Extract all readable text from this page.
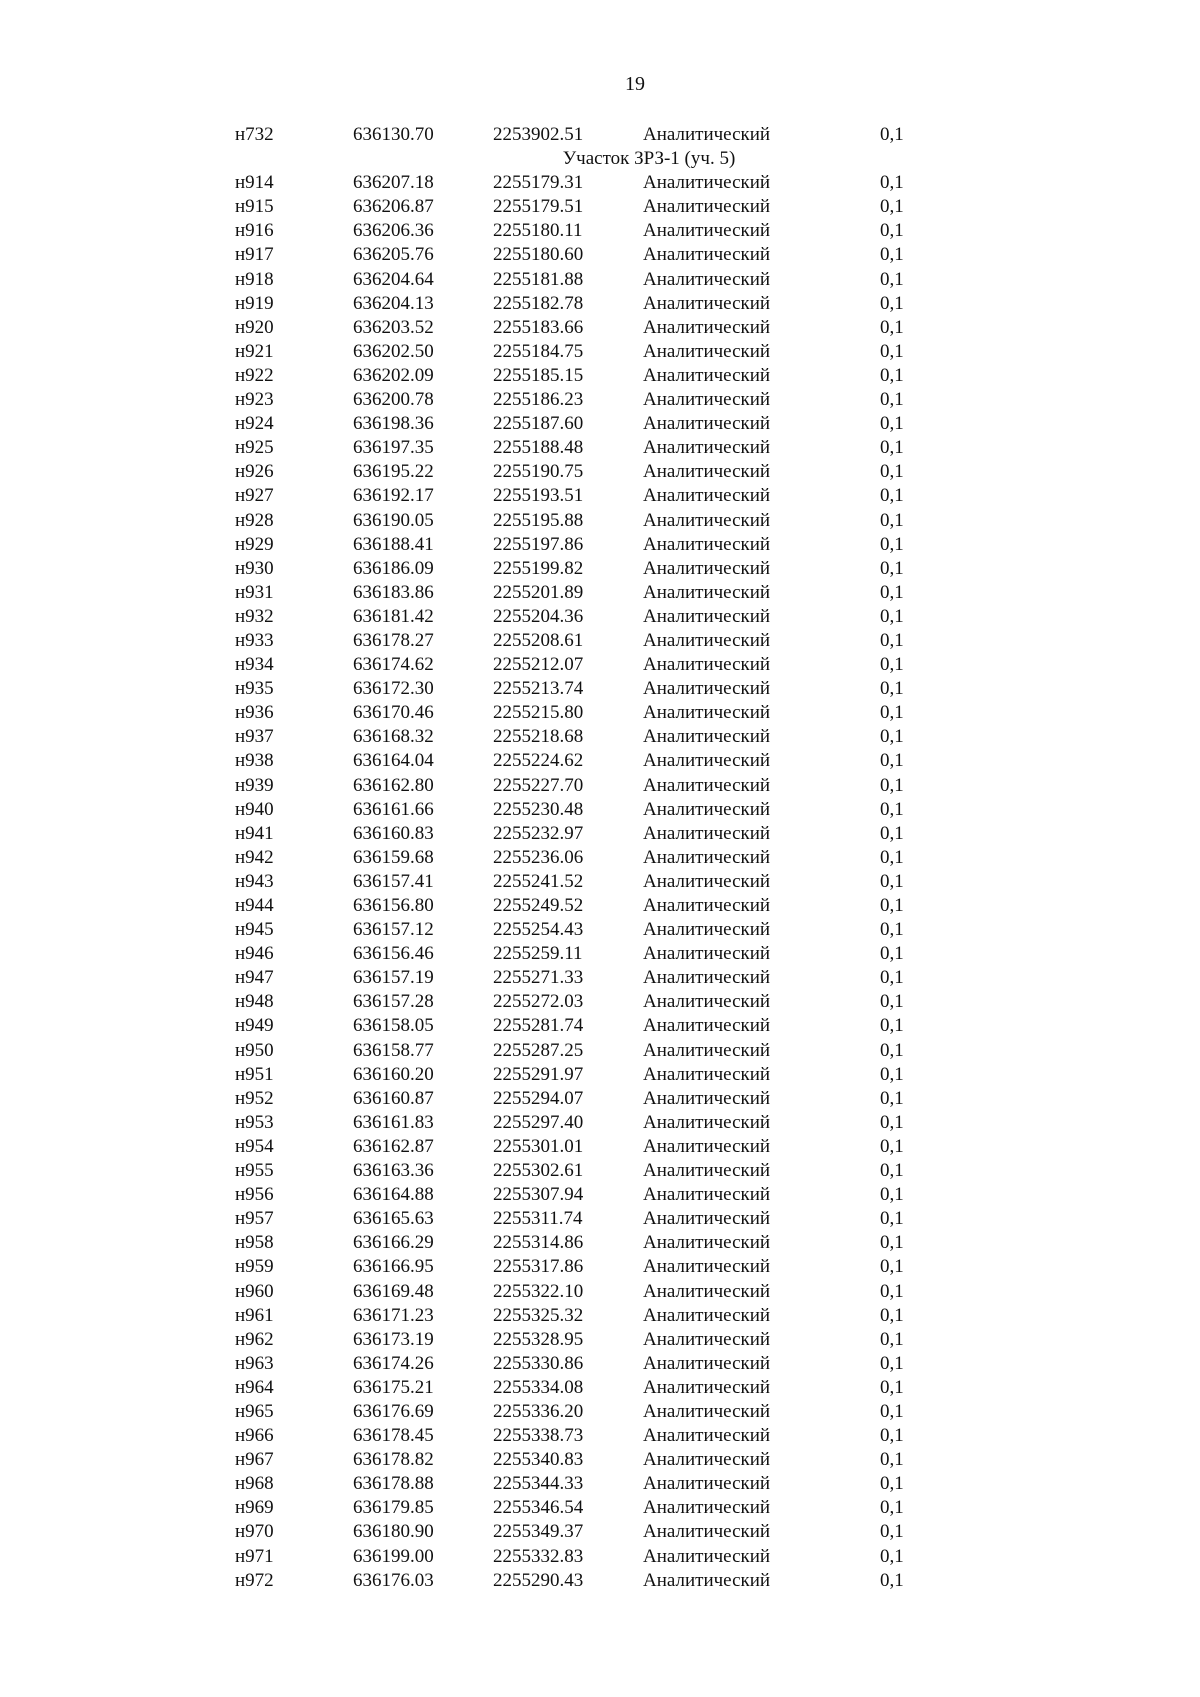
19
н732	636130.70	2253902.51	Аналитический	0,1
Участок ЗРЗ-1 (уч. 5)
н914	636207.18	2255179.31	Аналитический	0,1
н915	636206.87	2255179.51	Аналитический	0,1
н916	636206.36	2255180.11	Аналитический	0,1
н917	636205.76	2255180.60	Аналитический	0,1
н918	636204.64	2255181.88	Аналитический	0,1
н919	636204.13	2255182.78	Аналитический	0,1
н920	636203.52	2255183.66	Аналитический	0,1
н921	636202.50	2255184.75	Аналитический	0,1
н922	636202.09	2255185.15	Аналитический	0,1
н923	636200.78	2255186.23	Аналитический	0,1
н924	636198.36	2255187.60	Аналитический	0,1
н925	636197.35	2255188.48	Аналитический	0,1
н926	636195.22	2255190.75	Аналитический	0,1
н927	636192.17	2255193.51	Аналитический	0,1
н928	636190.05	2255195.88	Аналитический	0,1
н929	636188.41	2255197.86	Аналитический	0,1
н930	636186.09	2255199.82	Аналитический	0,1
н931	636183.86	2255201.89	Аналитический	0,1
н932	636181.42	2255204.36	Аналитический	0,1
н933	636178.27	2255208.61	Аналитический	0,1
н934	636174.62	2255212.07	Аналитический	0,1
н935	636172.30	2255213.74	Аналитический	0,1
н936	636170.46	2255215.80	Аналитический	0,1
н937	636168.32	2255218.68	Аналитический	0,1
н938	636164.04	2255224.62	Аналитический	0,1
н939	636162.80	2255227.70	Аналитический	0,1
н940	636161.66	2255230.48	Аналитический	0,1
н941	636160.83	2255232.97	Аналитический	0,1
н942	636159.68	2255236.06	Аналитический	0,1
н943	636157.41	2255241.52	Аналитический	0,1
н944	636156.80	2255249.52	Аналитический	0,1
н945	636157.12	2255254.43	Аналитический	0,1
н946	636156.46	2255259.11	Аналитический	0,1
н947	636157.19	2255271.33	Аналитический	0,1
н948	636157.28	2255272.03	Аналитический	0,1
н949	636158.05	2255281.74	Аналитический	0,1
н950	636158.77	2255287.25	Аналитический	0,1
н951	636160.20	2255291.97	Аналитический	0,1
н952	636160.87	2255294.07	Аналитический	0,1
н953	636161.83	2255297.40	Аналитический	0,1
н954	636162.87	2255301.01	Аналитический	0,1
н955	636163.36	2255302.61	Аналитический	0,1
н956	636164.88	2255307.94	Аналитический	0,1
н957	636165.63	2255311.74	Аналитический	0,1
н958	636166.29	2255314.86	Аналитический	0,1
н959	636166.95	2255317.86	Аналитический	0,1
н960	636169.48	2255322.10	Аналитический	0,1
н961	636171.23	2255325.32	Аналитический	0,1
н962	636173.19	2255328.95	Аналитический	0,1
н963	636174.26	2255330.86	Аналитический	0,1
н964	636175.21	2255334.08	Аналитический	0,1
н965	636176.69	2255336.20	Аналитический	0,1
н966	636178.45	2255338.73	Аналитический	0,1
н967	636178.82	2255340.83	Аналитический	0,1
н968	636178.88	2255344.33	Аналитический	0,1
н969	636179.85	2255346.54	Аналитический	0,1
н970	636180.90	2255349.37	Аналитический	0,1
н971	636199.00	2255332.83	Аналитический	0,1
н972	636176.03	2255290.43	Аналитический	0,1
